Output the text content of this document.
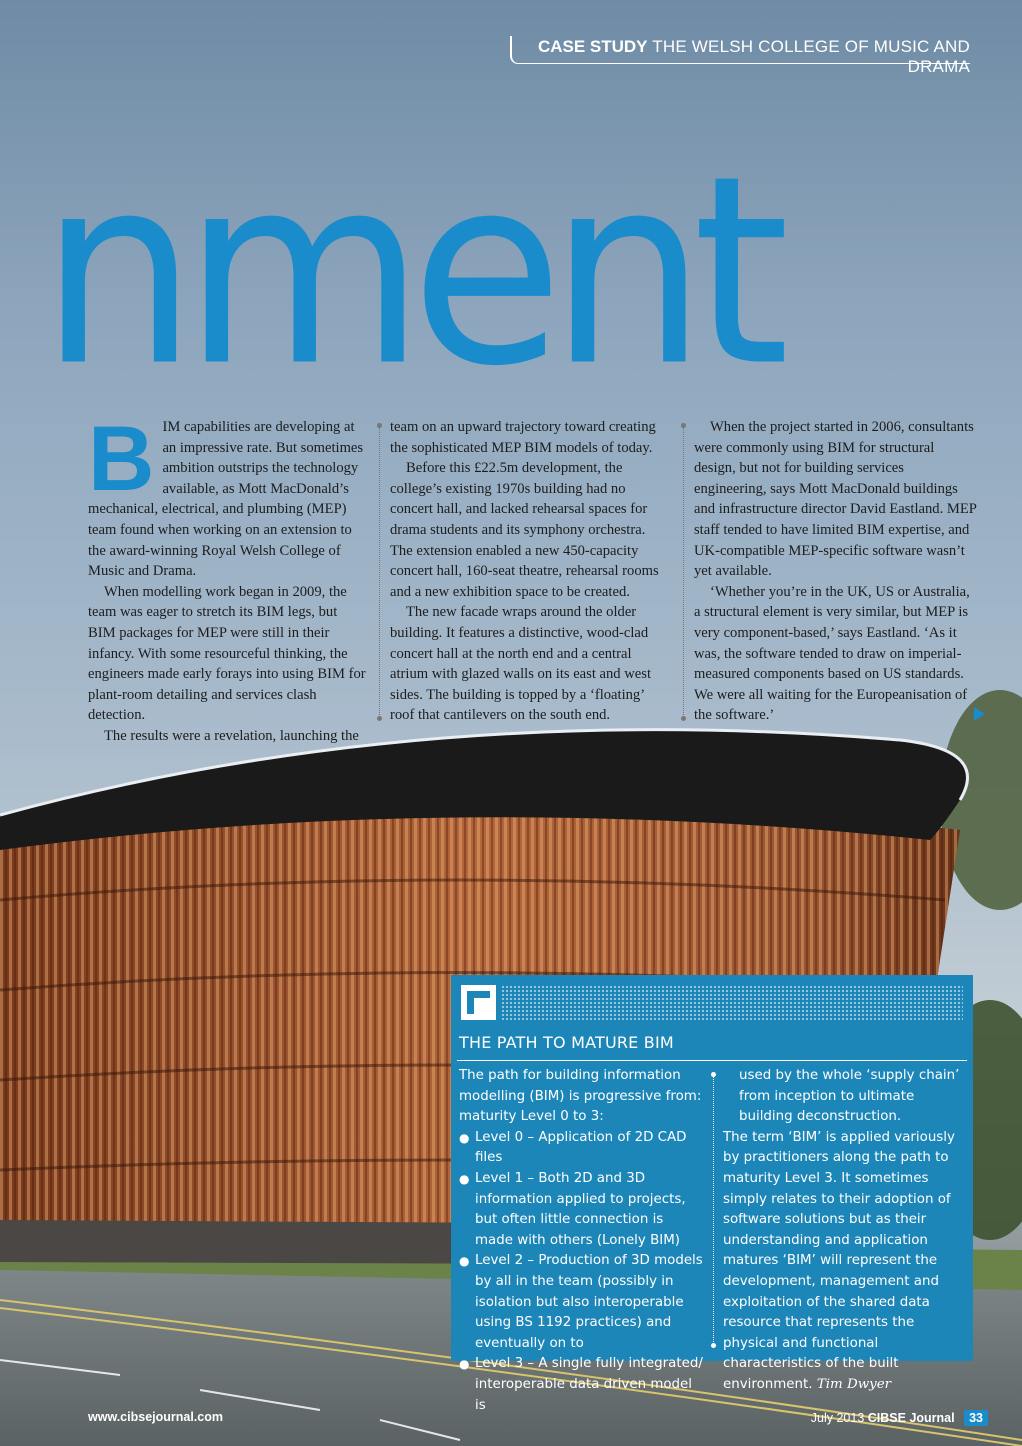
CASE STUDY THE WELSH COLLEGE OF MUSIC AND DRAMA
nment
B IM capabilities are developing at an impressive rate. But sometimes ambition outstrips the technology available, as Mott MacDonald’s mechanical, electrical, and plumbing (MEP) team found when working on an extension to the award-winning Royal Welsh College of Music and Drama.

When modelling work began in 2009, the team was eager to stretch its BIM legs, but BIM packages for MEP were still in their infancy. With some resourceful thinking, the engineers made early forays into using BIM for plant-room detailing and services clash detection.

The results were a revelation, launching the

team on an upward trajectory toward creating the sophisticated MEP BIM models of today.

Before this £22.5m development, the college’s existing 1970s building had no concert hall, and lacked rehearsal spaces for drama students and its symphony orchestra. The extension enabled a new 450-capacity concert hall, 160-seat theatre, rehearsal rooms and a new exhibition space to be created.

The new facade wraps around the older building. It features a distinctive, wood-clad concert hall at the north end and a central atrium with glazed walls on its east and west sides. The building is topped by a ‘floating’ roof that cantilevers on the south end.

When the project started in 2006, consultants were commonly using BIM for structural design, but not for building services engineering, says Mott MacDonald buildings and infrastructure director David Eastland. MEP staff tended to have limited BIM expertise, and UK-compatible MEP-specific software wasn’t yet available.

‘Whether you’re in the UK, US or Australia, a structural element is very similar, but MEP is very component-based,’ says Eastland. ‘As it was, the software tended to draw on imperial-measured components based on US standards. We were all waiting for the Europeanisation of the software.’

THE PATH TO MATURE BIM

The path for building information modelling (BIM) is progressive from: maturity Level 0 to 3:

● Level 0 – Application of 2D CAD files
● Level 1 – Both 2D and 3D information applied to projects, but often little connection is made with others (Lonely BIM)
● Level 2 – Production of 3D models by all in the team (possibly in isolation but also interoperable using BS 1192 practices) and eventually on to
● Level 3 – A single fully integrated/ interoperable data driven model is

used by the whole ‘supply chain’ from inception to ultimate building deconstruction.

The term ‘BIM’ is applied variously by practitioners along the path to maturity Level 3. It sometimes simply relates to their adoption of software solutions but as their understanding and application matures ‘BIM’ will represent the development, management and exploitation of the shared data resource that represents the physical and functional characteristics of the built environment. Tim Dwyer

www.cibsejournal.com	July 2013 CIBSE Journal 33
